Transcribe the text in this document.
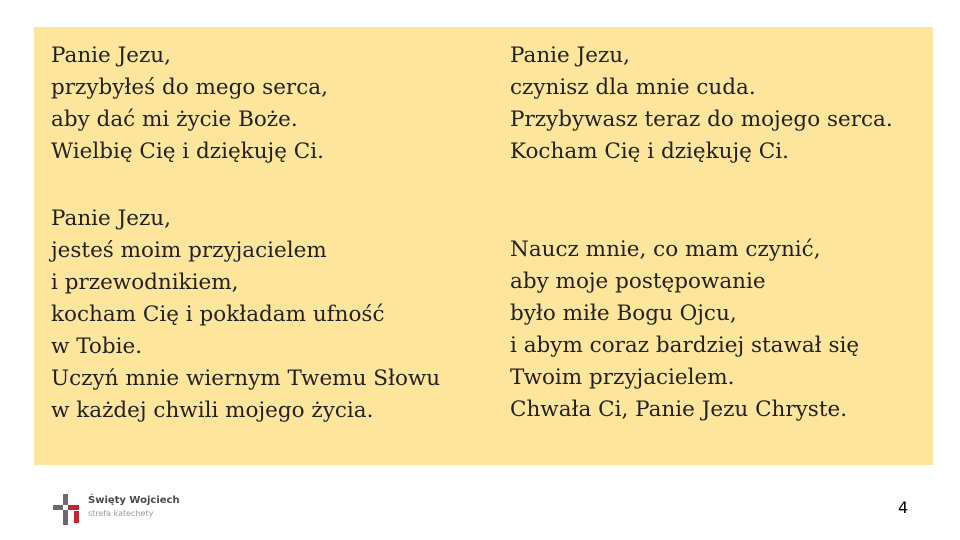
Panie Jezu,
przybyłeś do mego serca,
aby dać mi życie Boże.
Wielbię Cię i dziękuję Ci.
Panie Jezu,
czynisz dla mnie cuda.
Przybywasz teraz do mojego serca.
Kocham Cię i dziękuję Ci.
Panie Jezu,
jesteś moim przyjacielem
i przewodnikiem,
kocham Cię i pokładam ufność
w Tobie.
Uczyń mnie wiernym Twemu Słowu
w każdej chwili mojego życia.
Naucz mnie, co mam czynić,
aby moje postępowanie
było miłe Bogu Ojcu,
i abym coraz bardziej stawał się
Twoim przyjacielem.
Chwała Ci, Panie Jezu Chryste.
Święty Wojciech
strefa katechety	4
